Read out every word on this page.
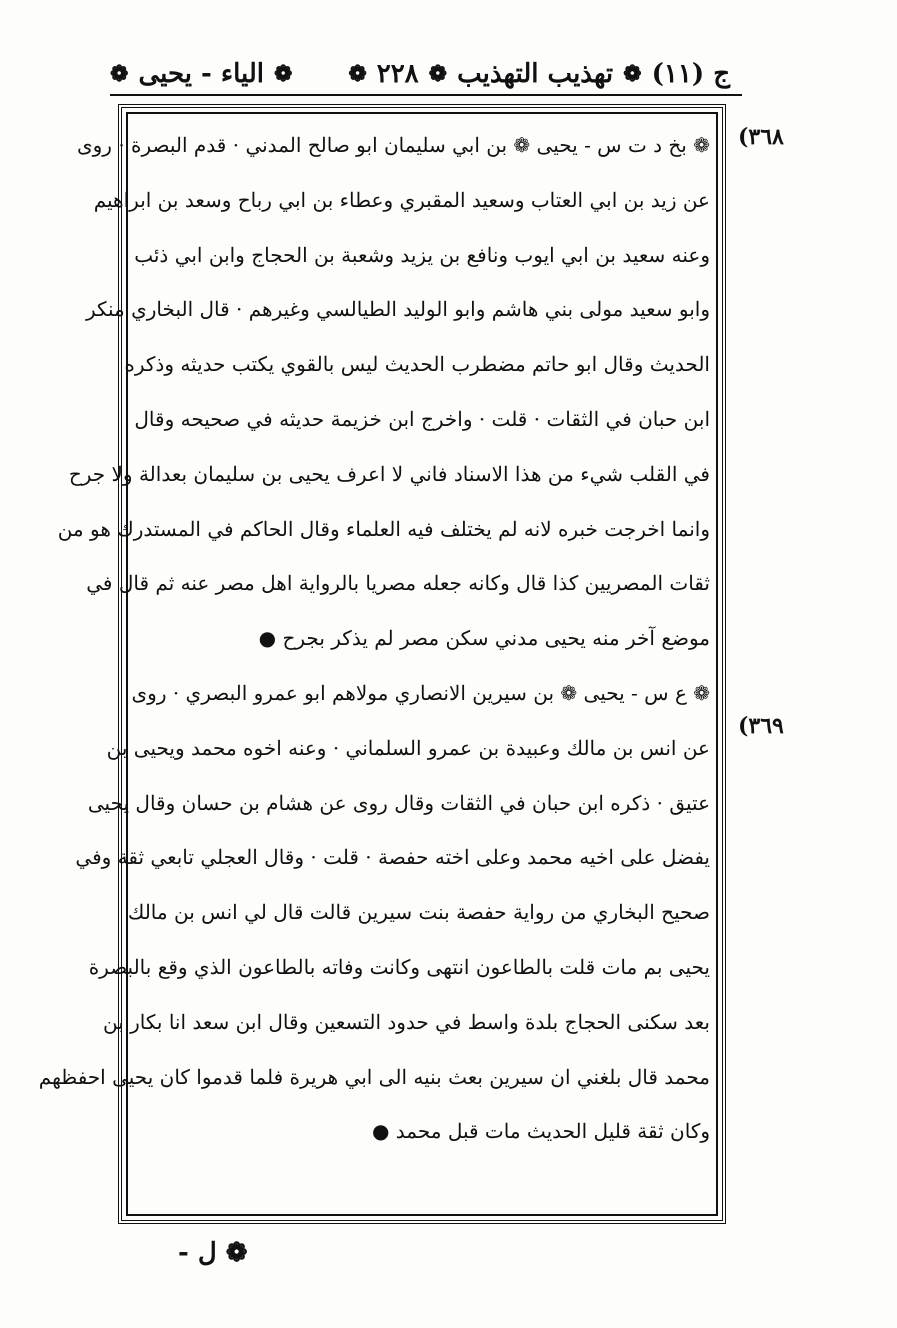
ج (١١)
❁
تهذيب التهذيب
❁
٢٢٨
❁
❁
الياء - يحيى
❁
(٣٦٨
(٣٦٩
❁ بخ د ت س - يحيى ❁ بن ابي سليمان ابو صالح المدني · قدم البصرة · روى
عن زيد بن ابي العتاب وسعيد المقبري وعطاء بن ابي رباح وسعد بن ابراهيم
وعنه سعيد بن ابي ايوب ونافع بن يزيد وشعبة بن الحجاج وابن ابي ذئب
وابو سعيد مولى بني هاشم وابو الوليد الطيالسي وغيرهم · قال البخاري منكر
الحديث وقال ابو حاتم مضطرب الحديث ليس بالقوي يكتب حديثه وذكره
ابن حبان في الثقات · قلت · واخرج ابن خزيمة حديثه في صحيحه وقال
في القلب شيء من هذا الاسناد فاني لا اعرف يحيى بن سليمان بعدالة ولا جرح
وانما اخرجت خبره لانه لم يختلف فيه العلماء وقال الحاكم في المستدرك هو من
ثقات المصريين كذا قال وكانه جعله مصريا بالرواية اهل مصر عنه ثم قال في
موضع آخر منه يحيى مدني سكن مصر لم يذكر بجرح ●
❁ ع س - يحيى ❁ بن سيرين الانصاري مولاهم ابو عمرو البصري · روى
عن انس بن مالك وعبيدة بن عمرو السلماني · وعنه اخوه محمد ويحيى بن
عتيق · ذكره ابن حبان في الثقات وقال روى عن هشام بن حسان وقال يحيى
يفضل على اخيه محمد وعلى اخته حفصة · قلت · وقال العجلي تابعي ثقة وفي
صحيح البخاري من رواية حفصة بنت سيرين قالت قال لي انس بن مالك
يحيى بم مات قلت بالطاعون انتهى وكانت وفاته بالطاعون الذي وقع بالبصرة
بعد سكنى الحجاج بلدة واسط في حدود التسعين وقال ابن سعد انا بكار بن
محمد قال بلغني ان سيرين بعث بنيه الى ابي هريرة فلما قدموا كان يحيى احفظهم
وكان ثقة قليل الحديث مات قبل محمد ●
❁ ل -
